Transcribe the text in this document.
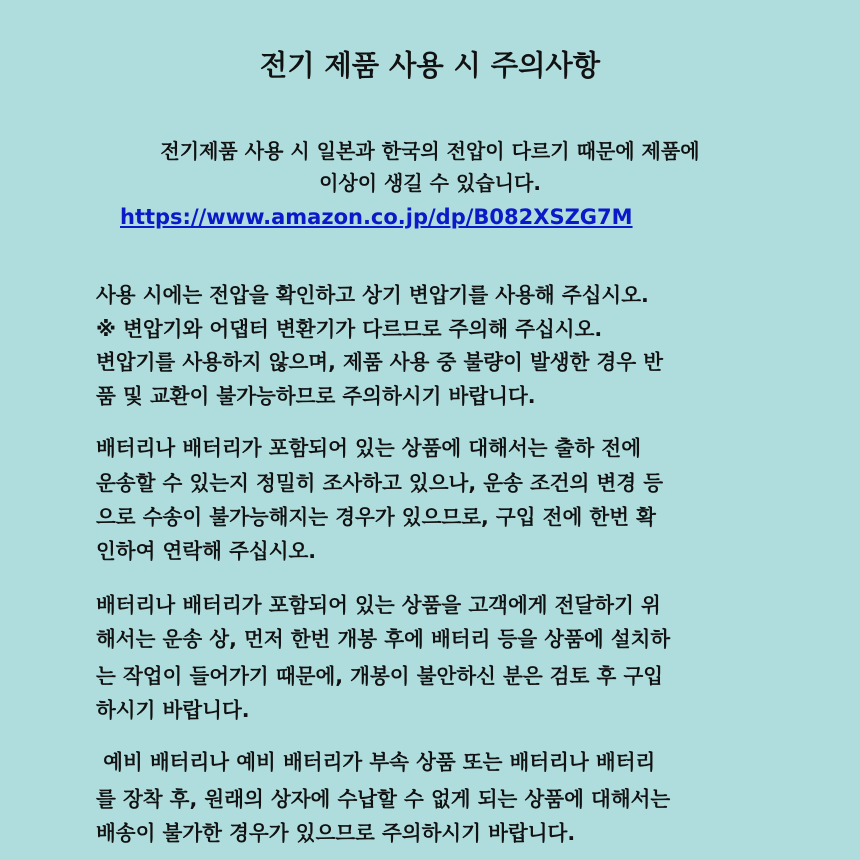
전기 제품 사용 시 주의사항
전기제품 사용 시 일본과 한국의 전압이 다르기 때문에 제품에
이상이 생길 수 있습니다.
https://www.amazon.co.jp/dp/B082XSZG7M
사용 시에는 전압을 확인하고 상기 변압기를 사용해 주십시오.
※ 변압기와 어댑터 변환기가 다르므로 주의해 주십시오.
변압기를 사용하지 않으며, 제품 사용 중 불량이 발생한 경우 반
품 및 교환이 불가능하므로 주의하시기 바랍니다.
배터리나 배터리가 포함되어 있는 상품에 대해서는 출하 전에
운송할 수 있는지 정밀히 조사하고 있으나, 운송 조건의 변경 등
으로 수송이 불가능해지는 경우가 있으므로, 구입 전에 한번 확
인하여 연락해 주십시오.
배터리나 배터리가 포함되어 있는 상품을 고객에게 전달하기 위
해서는 운송 상, 먼저 한번 개봉 후에 배터리 등을 상품에 설치하
는 작업이 들어가기 때문에, 개봉이 불안하신 분은 검토 후 구입
하시기 바랍니다.
예비 배터리나 예비 배터리가 부속 상품 또는 배터리나 배터리
를 장착 후, 원래의 상자에 수납할 수 없게 되는 상품에 대해서는
배송이 불가한 경우가 있으므로 주의하시기 바랍니다.
